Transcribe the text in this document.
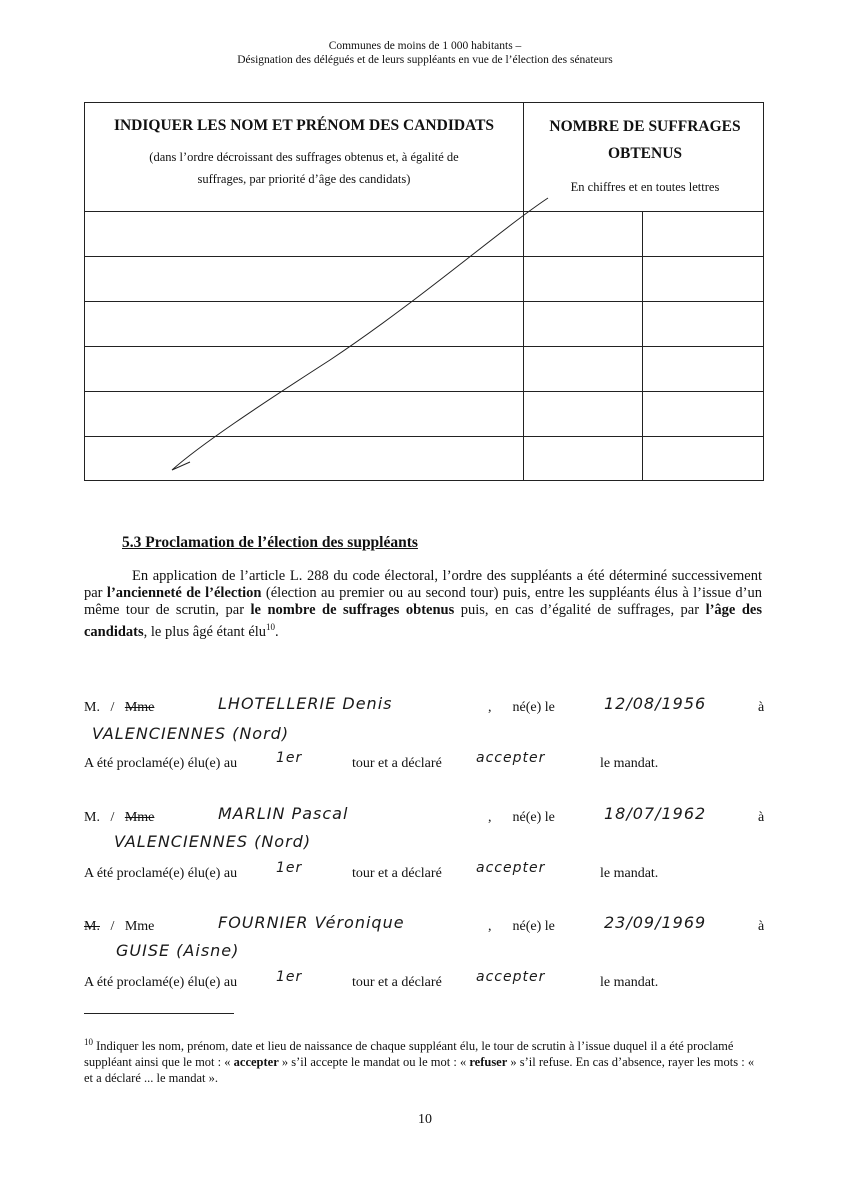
Communes de moins de 1 000 habitants –
Désignation des délégués et de leurs suppléants en vue de l’élection des sénateurs
INDIQUER LES NOM ET PRÉNOM DES CANDIDATS
(dans l’ordre décroissant des suffrages obtenus et, à égalité de
suffrages, par priorité d’âge des candidats)
NOMBRE DE SUFFRAGES
OBTENUS
En chiffres et en toutes lettres
5.3 Proclamation de l’élection des suppléants
En application de l’article L. 288 du code électoral, l’ordre des suppléants a été déterminé successivement par l’ancienneté de l’élection (élection au premier ou au second tour) puis, entre les suppléants élus à l’issue d’un même tour de scrutin, par le nombre de suffrages obtenus puis, en cas d’égalité de suffrages, par l’âge des candidats, le plus âgé étant élu$^{10}$.
M. / Mme	LHOTELLERIE Denis	,      né(e) le	12/08/1956	à
VALENCIENNES (Nord)
A été proclamé(e) élu(e) au	1er	tour et a déclaré accepter	le mandat.
M. / Mme	MARLIN Pascal	,      né(e) le	18/07/1962	à
VALENCIENNES (Nord)
A été proclamé(e) élu(e) au	1er	tour et a déclaré accepter	le mandat.
M. / Mme	FOURNIER Véronique	,      né(e) le	23/09/1969	à
GUISE (Aisne)
A été proclamé(e) élu(e) au	1er	tour et a déclaré accepter	le mandat.
$^{10}$ Indiquer les nom, prénom, date et lieu de naissance de chaque suppléant élu, le tour de scrutin à l’issue duquel il a été proclamé suppléant ainsi que le mot : « accepter » s’il accepte le mandat ou le mot : « refuser » s’il refuse. En cas d’absence, rayer les mots : « et a déclaré ... le mandat ».
10
